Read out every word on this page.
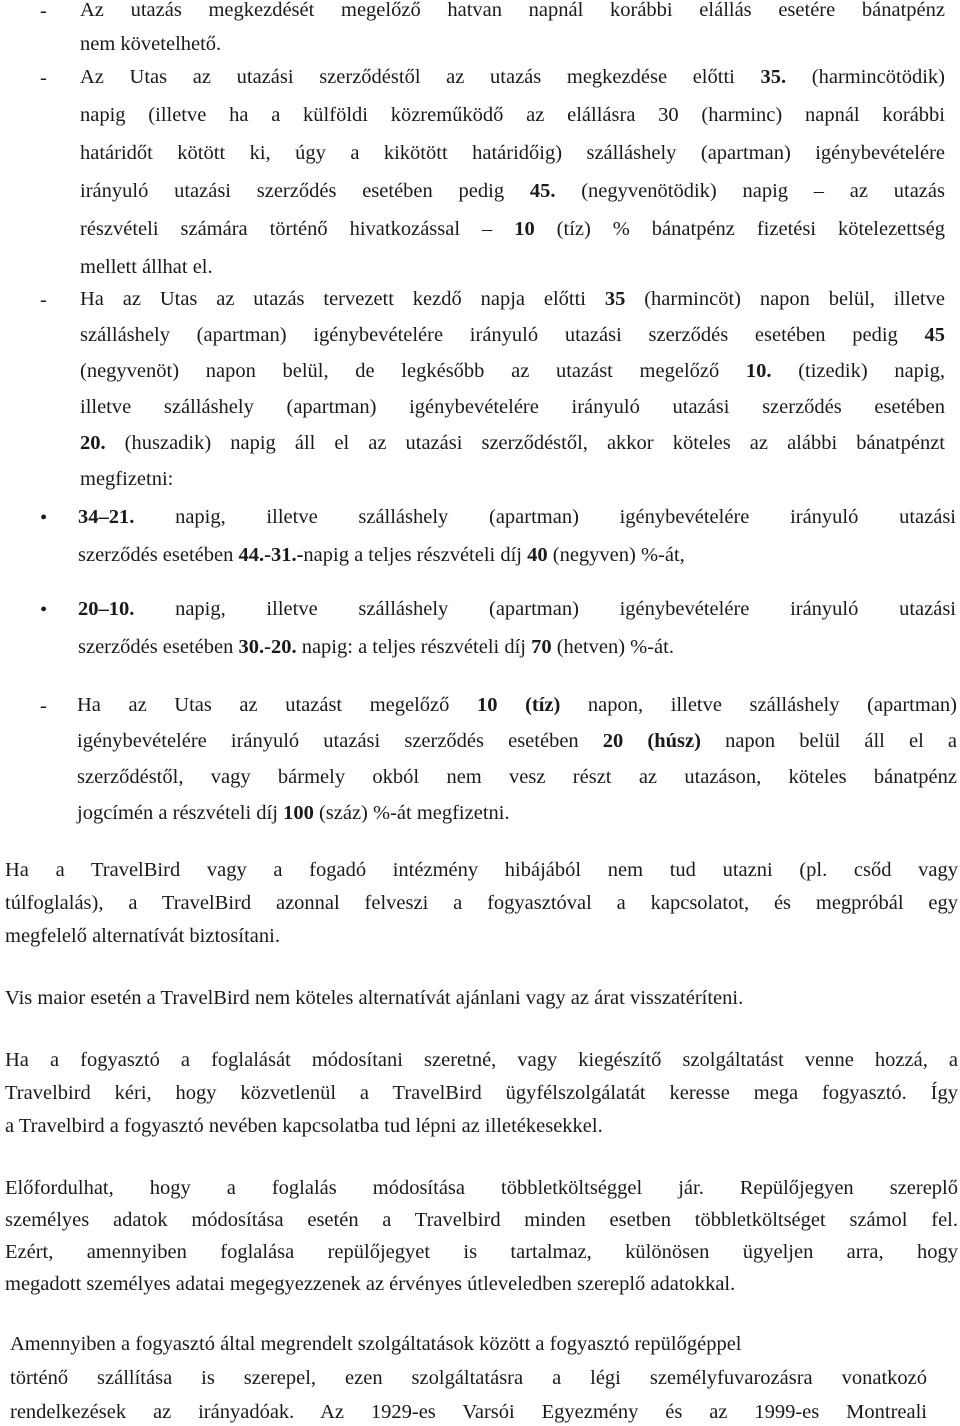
- Az utazás megkezdését megelőző hatvan napnál korábbi elállás esetére bánatpénz
nem követelhető.
- Az Utas az utazási szerződéstől az utazás megkezdése előtti 35. (harmincötödik)
napig (illetve ha a külföldi közreműködő az elállásra 30 (harminc) napnál korábbi
határidőt kötött ki, úgy a kikötött határidőig) szálláshely (apartman) igénybevételére
irányuló utazási szerződés esetében pedig 45. (negyvenötödik) napig – az utazás
részvételi számára történő hivatkozással – 10 (tíz) % bánatpénz fizetési kötelezettség
mellett állhat el.
- Ha az Utas az utazás tervezett kezdő napja előtti 35 (harmincöt) napon belül, illetve
szálláshely (apartman) igénybevételére irányuló utazási szerződés esetében pedig 45
(negyvenöt) napon belül, de legkésőbb az utazást megelőző 10. (tizedik) napig,
illetve szálláshely (apartman) igénybevételére irányuló utazási szerződés esetében
20. (huszadik) napig áll el az utazási szerződéstől, akkor köteles az alábbi bánatpénzt
megfizetni:
• 34–21. napig, illetve szálláshely (apartman) igénybevételére irányuló utazási
szerződés esetében 44.-31.-napig a teljes részvételi díj 40 (negyven) %-át,
• 20–10. napig, illetve szálláshely (apartman) igénybevételére irányuló utazási
szerződés esetében 30.-20. napig: a teljes részvételi díj 70 (hetven) %-át.
- Ha az Utas az utazást megelőző 10 (tíz) napon, illetve szálláshely (apartman)
igénybevételére irányuló utazási szerződés esetében 20 (húsz) napon belül áll el a
szerződéstől, vagy bármely okból nem vesz részt az utazáson, köteles bánatpénz
jogcímén a részvételi díj 100 (száz) %-át megfizetni.
Ha a TravelBird vagy a fogadó intézmény hibájából nem tud utazni (pl. csőd vagy
túlfoglalás), a TravelBird azonnal felveszi a fogyasztóval a kapcsolatot, és megpróbál egy
megfelelő alternatívát biztosítani.
Vis maior esetén a TravelBird nem köteles alternatívát ajánlani vagy az árat visszatéríteni.
Ha a fogyasztó a foglalását módosítani szeretné, vagy kiegészítő szolgáltatást venne hozzá, a
Travelbird kéri, hogy közvetlenül a TravelBird ügyfélszolgálatát keresse mega fogyasztó. Így
a Travelbird a fogyasztó nevében kapcsolatba tud lépni az illetékesekkel.
Előfordulhat, hogy a foglalás módosítása többletköltséggel jár. Repülőjegyen szereplő
személyes adatok módosítása esetén a Travelbird minden esetben többletköltséget számol fel.
Ezért, amennyiben foglalása repülőjegyet is tartalmaz, különösen ügyeljen arra, hogy
megadott személyes adatai megegyezzenek az érvényes útleveledben szereplő adatokkal.
Amennyiben a fogyasztó által megrendelt szolgáltatások között a fogyasztó repülőgéppel
történő szállítása is szerepel, ezen szolgáltatásra a légi személyfuvarozásra vonatkozó
rendelkezések az irányadóak. Az 1929-es Varsói Egyezmény és az 1999-es Montreali
